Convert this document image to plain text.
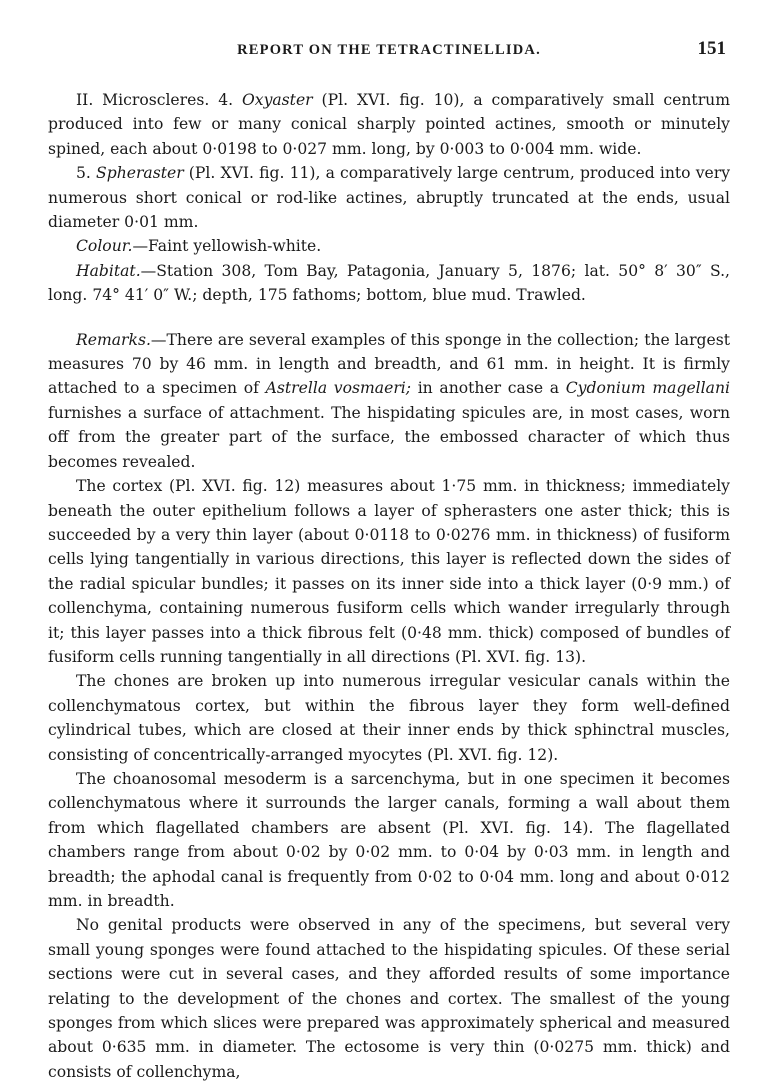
REPORT ON THE TETRACTINELLIDA.	151

II. Microscleres. 4. Oxyaster (Pl. XVI. fig. 10), a comparatively small centrum produced into few or many conical sharply pointed actines, smooth or minutely spined, each about 0·0198 to 0·027 mm. long, by 0·003 to 0·004 mm. wide.

5. Spheraster (Pl. XVI. fig. 11), a comparatively large centrum, produced into very numerous short conical or rod-like actines, abruptly truncated at the ends, usual diameter 0·01 mm.

Colour.—Faint yellowish-white.

Habitat.—Station 308, Tom Bay, Patagonia, January 5, 1876; lat. 50° 8′ 30″ S., long. 74° 41′ 0″ W.; depth, 175 fathoms; bottom, blue mud. Trawled.

Remarks.—There are several examples of this sponge in the collection; the largest measures 70 by 46 mm. in length and breadth, and 61 mm. in height. It is firmly attached to a specimen of Astrella vosmaeri; in another case a Cydonium magellani furnishes a surface of attachment. The hispidating spicules are, in most cases, worn off from the greater part of the surface, the embossed character of which thus becomes revealed.

The cortex (Pl. XVI. fig. 12) measures about 1·75 mm. in thickness; immediately beneath the outer epithelium follows a layer of spherasters one aster thick; this is succeeded by a very thin layer (about 0·0118 to 0·0276 mm. in thickness) of fusiform cells lying tangentially in various directions, this layer is reflected down the sides of the radial spicular bundles; it passes on its inner side into a thick layer (0·9 mm.) of collenchyma, containing numerous fusiform cells which wander irregularly through it; this layer passes into a thick fibrous felt (0·48 mm. thick) composed of bundles of fusiform cells running tangentially in all directions (Pl. XVI. fig. 13).

The chones are broken up into numerous irregular vesicular canals within the collenchymatous cortex, but within the fibrous layer they form well-defined cylindrical tubes, which are closed at their inner ends by thick sphinctral muscles, consisting of concentrically-arranged myocytes (Pl. XVI. fig. 12).

The choanosomal mesoderm is a sarcenchyma, but in one specimen it becomes collenchymatous where it surrounds the larger canals, forming a wall about them from which flagellated chambers are absent (Pl. XVI. fig. 14). The flagellated chambers range from about 0·02 by 0·02 mm. to 0·04 by 0·03 mm. in length and breadth; the aphodal canal is frequently from 0·02 to 0·04 mm. long and about 0·012 mm. in breadth.

No genital products were observed in any of the specimens, but several very small young sponges were found attached to the hispidating spicules. Of these serial sections were cut in several cases, and they afforded results of some importance relating to the development of the chones and cortex. The smallest of the young sponges from which slices were prepared was approximately spherical and measured about 0·635 mm. in diameter. The ectosome is very thin (0·0275 mm. thick) and consists of collenchyma,
